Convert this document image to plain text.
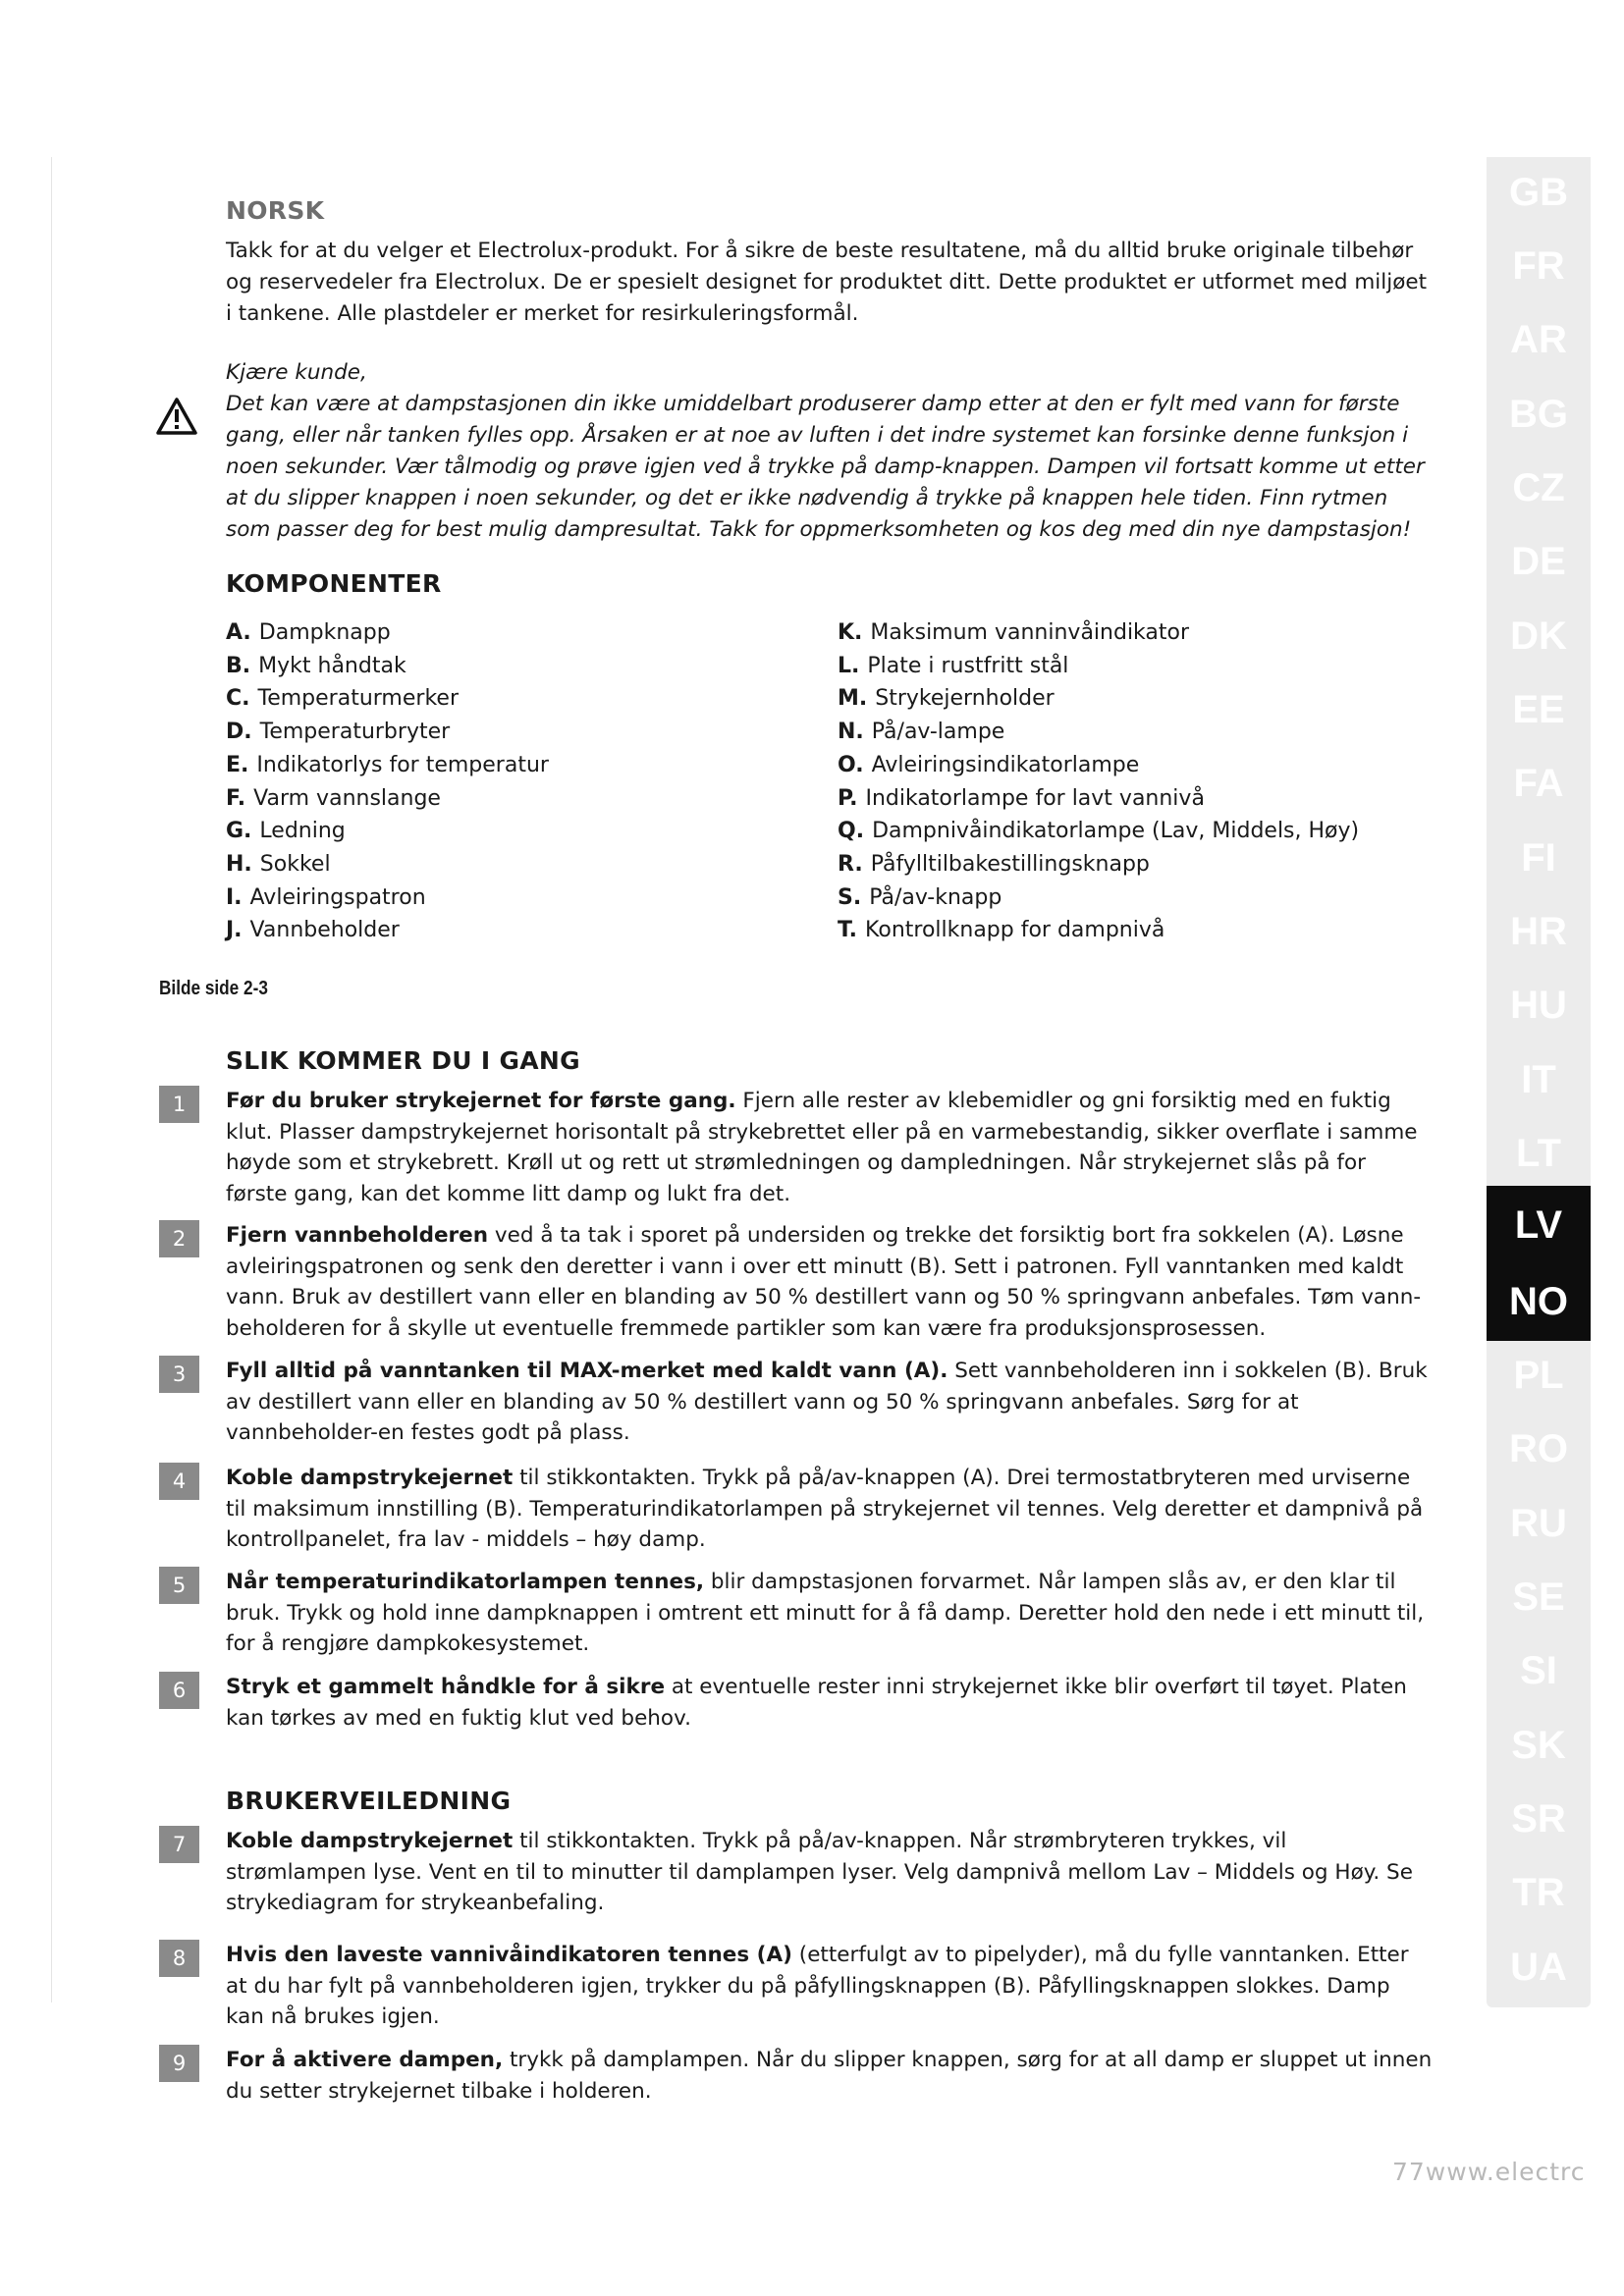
NORSK

Takk for at du velger et Electrolux-produkt. For å sikre de beste resultatene, må du alltid bruke originale tilbehør og reservedeler fra Electrolux. De er spesielt designet for produktet ditt. Dette produktet er utformet med miljøet i tankene. Alle plastdeler er merket for resirkuleringsformål.

Kjære kunde,

Det kan være at dampstasjonen din ikke umiddelbart produserer damp etter at den er fylt med vann for første gang, eller når tanken fylles opp. Årsaken er at noe av luften i det indre systemet kan forsinke denne funksjon i noen sekunder. Vær tålmodig og prøve igjen ved å trykke på damp-knappen. Dampen vil fortsatt komme ut etter at du slipper knappen i noen sekunder, og det er ikke nødvendig å trykke på knappen hele tiden. Finn rytmen som passer deg for best mulig dampresultat. Takk for oppmerksomheten og kos deg med din nye dampstasjon!

KOMPONENTER
A. Dampknapp
B. Mykt håndtak
C. Temperaturmerker
D. Temperaturbryter
E. Indikatorlys for temperatur
F. Varm vannslange
G. Ledning
H. Sokkel
I. Avleiringspatron
J. Vannbeholder
K. Maksimum vanninvåindikator
L. Plate i rustfritt stål
M. Strykejernholder
N. På/av-lampe
O. Avleiringsindikatorlampe
P. Indikatorlampe for lavt vannivå
Q. Dampnivåindikatorlampe (Lav, Middels, Høy)
R. Påfylltilbakestillingsknapp
S. På/av-knapp
T. Kontrollknapp for dampnivå

Bilde side 2-3

SLIK KOMMER DU I GANG
1	Før du bruker strykejernet for første gang. Fjern alle rester av klebemidler og gni forsiktig med en fuktig klut. Plasser dampstrykejernet horisontalt på strykebrettet eller på en varmebestandig, sikker overflate i samme høyde som et strykebrett. Krøll ut og rett ut strømledningen og dampledningen. Når strykejernet slås på for første gang, kan det komme litt damp og lukt fra det.

2	Fjern vannbeholderen ved å ta tak i sporet på undersiden og trekke det forsiktig bort fra sokkelen (A). Løsne avleiringspatronen og senk den deretter i vann i over ett minutt (B). Sett i patronen. Fyll vanntanken med kaldt vann. Bruk av destillert vann eller en blanding av 50 % destillert vann og 50 % springvann anbefales. Tøm vann-beholderen for å skylle ut eventuelle fremmede partikler som kan være fra produksjonsprosessen.

3	Fyll alltid på vanntanken til MAX-merket med kaldt vann (A). Sett vannbeholderen inn i sokkelen (B). Bruk av destillert vann eller en blanding av 50 % destillert vann og 50 % springvann anbefales. Sørg for at vannbeholder-en festes godt på plass.

4	Koble dampstrykejernet til stikkontakten. Trykk på på/av-knappen (A). Drei termostatbryteren med urviserne til maksimum innstilling (B). Temperaturindikatorlampen på strykejernet vil tennes. Velg deretter et dampnivå på kontrollpanelet, fra lav - middels – høy damp.

5	Når temperaturindikatorlampen tennes, blir dampstasjonen forvarmet. Når lampen slås av, er den klar til bruk. Trykk og hold inne dampknappen i omtrent ett minutt for å få damp. Deretter hold den nede i ett minutt til, for å rengjøre dampkokesystemet.

6	Stryk et gammelt håndkle for å sikre at eventuelle rester inni strykejernet ikke blir overført til tøyet. Platen kan tørkes av med en fuktig klut ved behov.

BRUKERVEILEDNING
7	Koble dampstrykejernet til stikkontakten. Trykk på på/av-knappen. Når strømbryteren trykkes, vil strømlampen lyse. Vent en til to minutter til damplampen lyser. Velg dampnivå mellom Lav – Middels og Høy. Se strykediagram for strykeanbefaling.

8	Hvis den laveste vannivåindikatoren tennes (A) (etterfulgt av to pipelyder), må du fylle vanntanken. Etter at du har fylt på vannbeholderen igjen, trykker du på påfyllingsknappen (B). Påfyllingsknappen slokkes. Damp kan nå brukes igjen.

9	For å aktivere dampen, trykk på damplampen. Når du slipper knappen, sørg for at all damp er sluppet ut innen du setter strykejernet tilbake i holderen.

GB
FR
AR
BG
CZ
DE
DK
EE
FA
FI
HR
HU
IT
LT
LV
NO
PL
RO
RU
SE
SI
SK
SR
TR
UA

77www.electrc
